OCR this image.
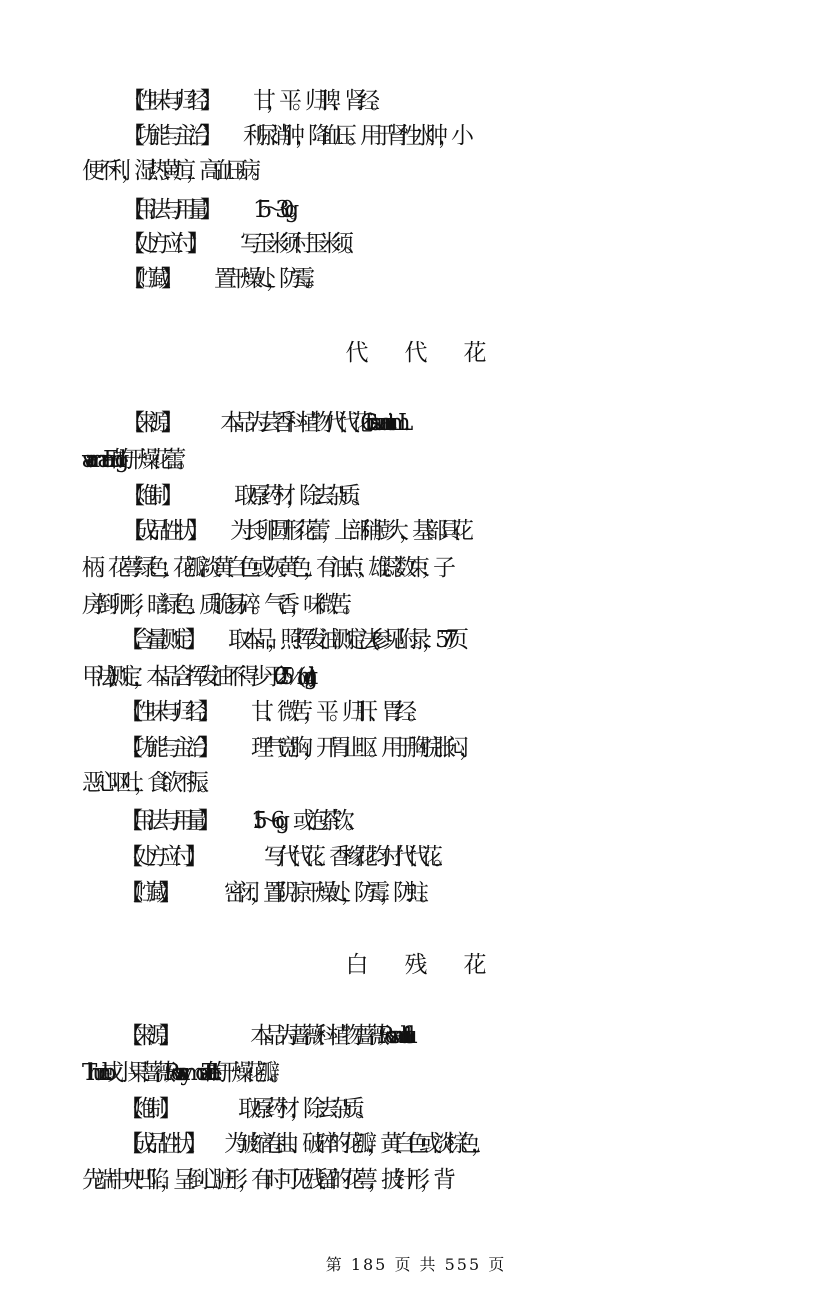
【性味与归经】 甘，平。归脾、肾经。
【功能与主治】 利尿消肿，降血压。用于肾性水肿，小
便不利，湿热黄疸，高血压病。
【用法与用量】 15～30g。
【处方应付】 写玉米须付玉米须。
【贮藏】 置干燥处，防霉。
代代花
【来源】 本品为芸香科植物代代花 Citrus aurantium L.
var. amara Engl. 的干燥花蕾。
【炮制】	取原药材，除去杂质。
【成品性状】 为长卵圆形花蕾，上部稍膨大，基部具花
柄。花萼绿色；花瓣淡黄白色或灰黄色，有油点；雄蕊数束；子
房倒卵形，暗绿色。质脆易碎。气香，味微苦。
【含量测定】 取本品，照挥发油测定法(参见附录，577 页
甲法)测定，本品含挥发油不得少于 0.25％(ml/g)。
【性味与归经】 甘、微苦，平。归肝、胃经。
【功能与主治】 理气宽胸，开胃止呕。用于胸脘胀闷，
恶心呕吐，食欲不振。
【用法与用量】 1.5～6g。或泡茶饮。
【处方应付】	写代代花、香橼花均付代代花。
【贮藏】 密闭，置阴凉干燥处，防霉，防蛀。
白残花
【来源】	本品为蔷薇科植物蔷薇 Rosa multiflora
Thunb. 或小果蔷薇 Rosa cymosa Tratt. 的干燥花瓣。
【炮制】	取原药材，除去杂质。
【成品性状】 为皱缩卷曲、破碎的花瓣，黄白色或淡棕色，
先端中央凹陷，呈倒心脏形，有时可见残留的花萼，披针形，背
第 185 页 共 555 页
